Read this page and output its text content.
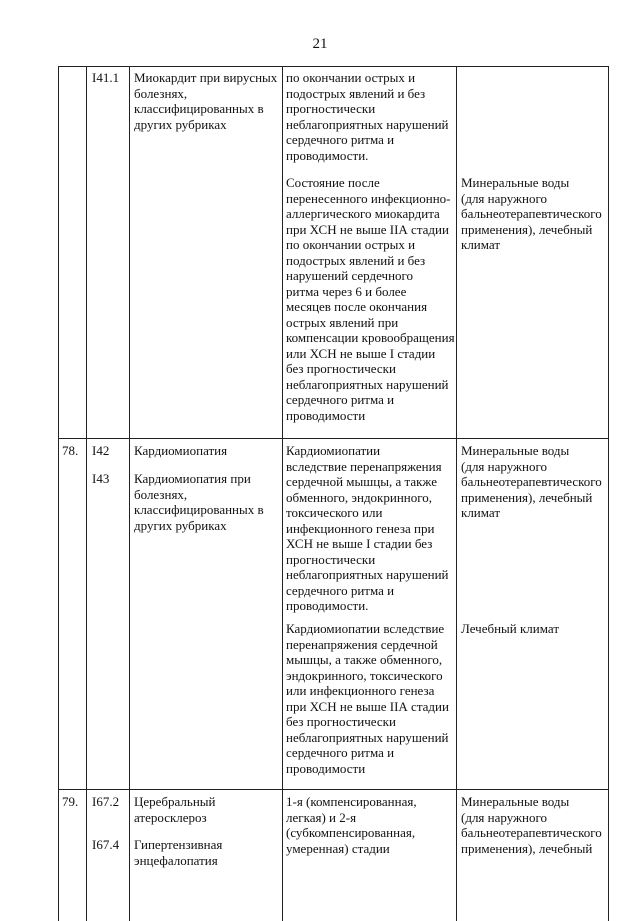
21
I41.1	Миокардит при вирусных
болезнях,
классифицированных в
других рубриках
по окончании острых и
подострых явлений и без
прогностически
неблагоприятных нарушений
сердечного ритма и
проводимости.
Состояние после
перенесенного инфекционно-
аллергического миокардита
при ХСН не выше IIА стадии
по окончании острых и
подострых явлений и без
нарушений сердечного
ритма через 6 и более
месяцев после окончания
острых явлений при
компенсации кровообращения
или ХСН не выше I стадии
без прогностически
неблагоприятных нарушений
сердечного ритма и
проводимости
Минеральные воды
(для наружного
бальнеотерапевтического
применения), лечебный
климат
78. I42
I43
Кардиомиопатия
Кардиомиопатия при
болезнях,
классифицированных в
других рубриках
Кардиомиопатии
вследствие перенапряжения
сердечной мышцы, а также
обменного, эндокринного,
токсического или
инфекционного генеза при
ХСН не выше I стадии без
прогностически
неблагоприятных нарушений
сердечного ритма и
проводимости.
Минеральные воды
(для наружного
бальнеотерапевтического
применения), лечебный
климат
Кардиомиопатии вследствие
перенапряжения сердечной
мышцы, а также обменного,
эндокринного, токсического
или инфекционного генеза
при ХСН не выше IIА стадии
без прогностически
неблагоприятных нарушений
сердечного ритма и
проводимости
Лечебный климат
79. I67.2
I67.4
Церебральный
атеросклероз
Гипертензивная
энцефалопатия
1-я (компенсированная,
легкая) и 2-я
(субкомпенсированная,
умеренная) стадии
Минеральные воды
(для наружного
бальнеотерапевтического
применения), лечебный
